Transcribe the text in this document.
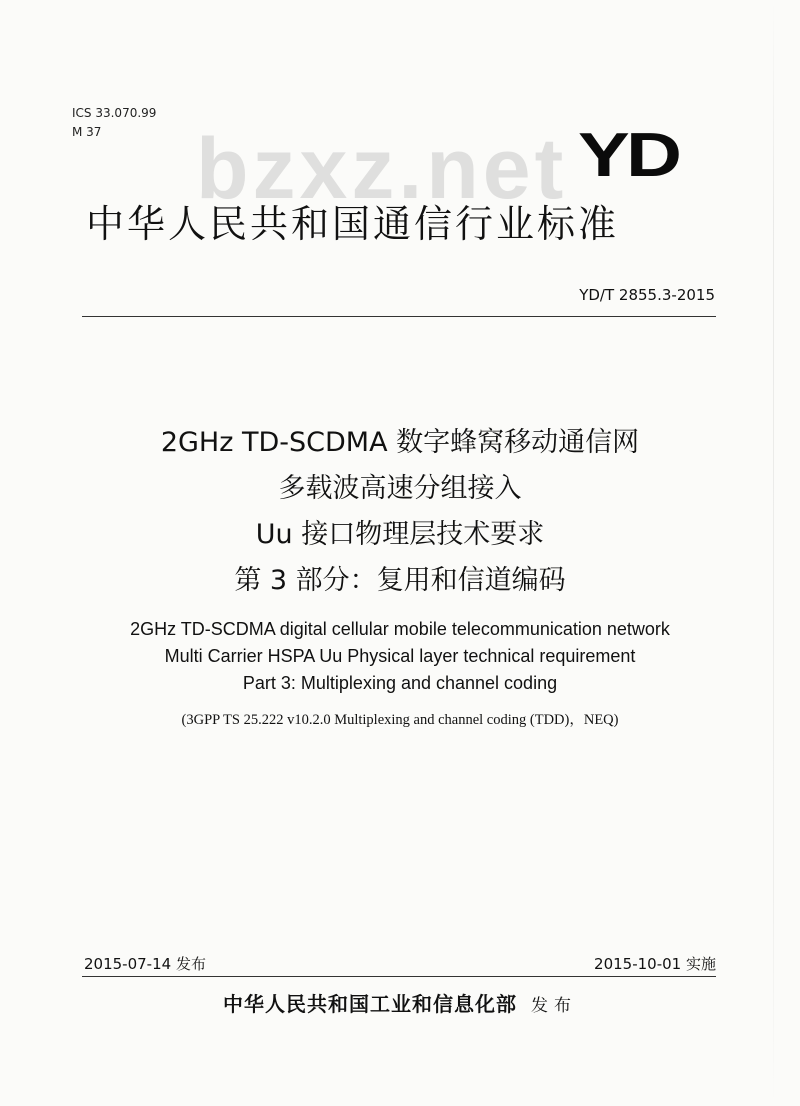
ICS 33.070.99
M 37	bzxz.net YD
中华人民共和国通信行业标准
YD/T 2855.3-2015
2GHz TD-SCDMA 数字蜂窝移动通信网
多载波高速分组接入
Uu 接口物理层技术要求
第 3 部分：复用和信道编码
2GHz TD-SCDMA digital cellular mobile telecommunication network
Multi Carrier HSPA Uu Physical layer technical requirement
Part 3: Multiplexing and channel coding
(3GPP TS 25.222 v10.2.0 Multiplexing and channel coding (TDD)，NEQ)
2015-07-14 发布	2015-10-01 实施
中华人民共和国工业和信息化部 发布
